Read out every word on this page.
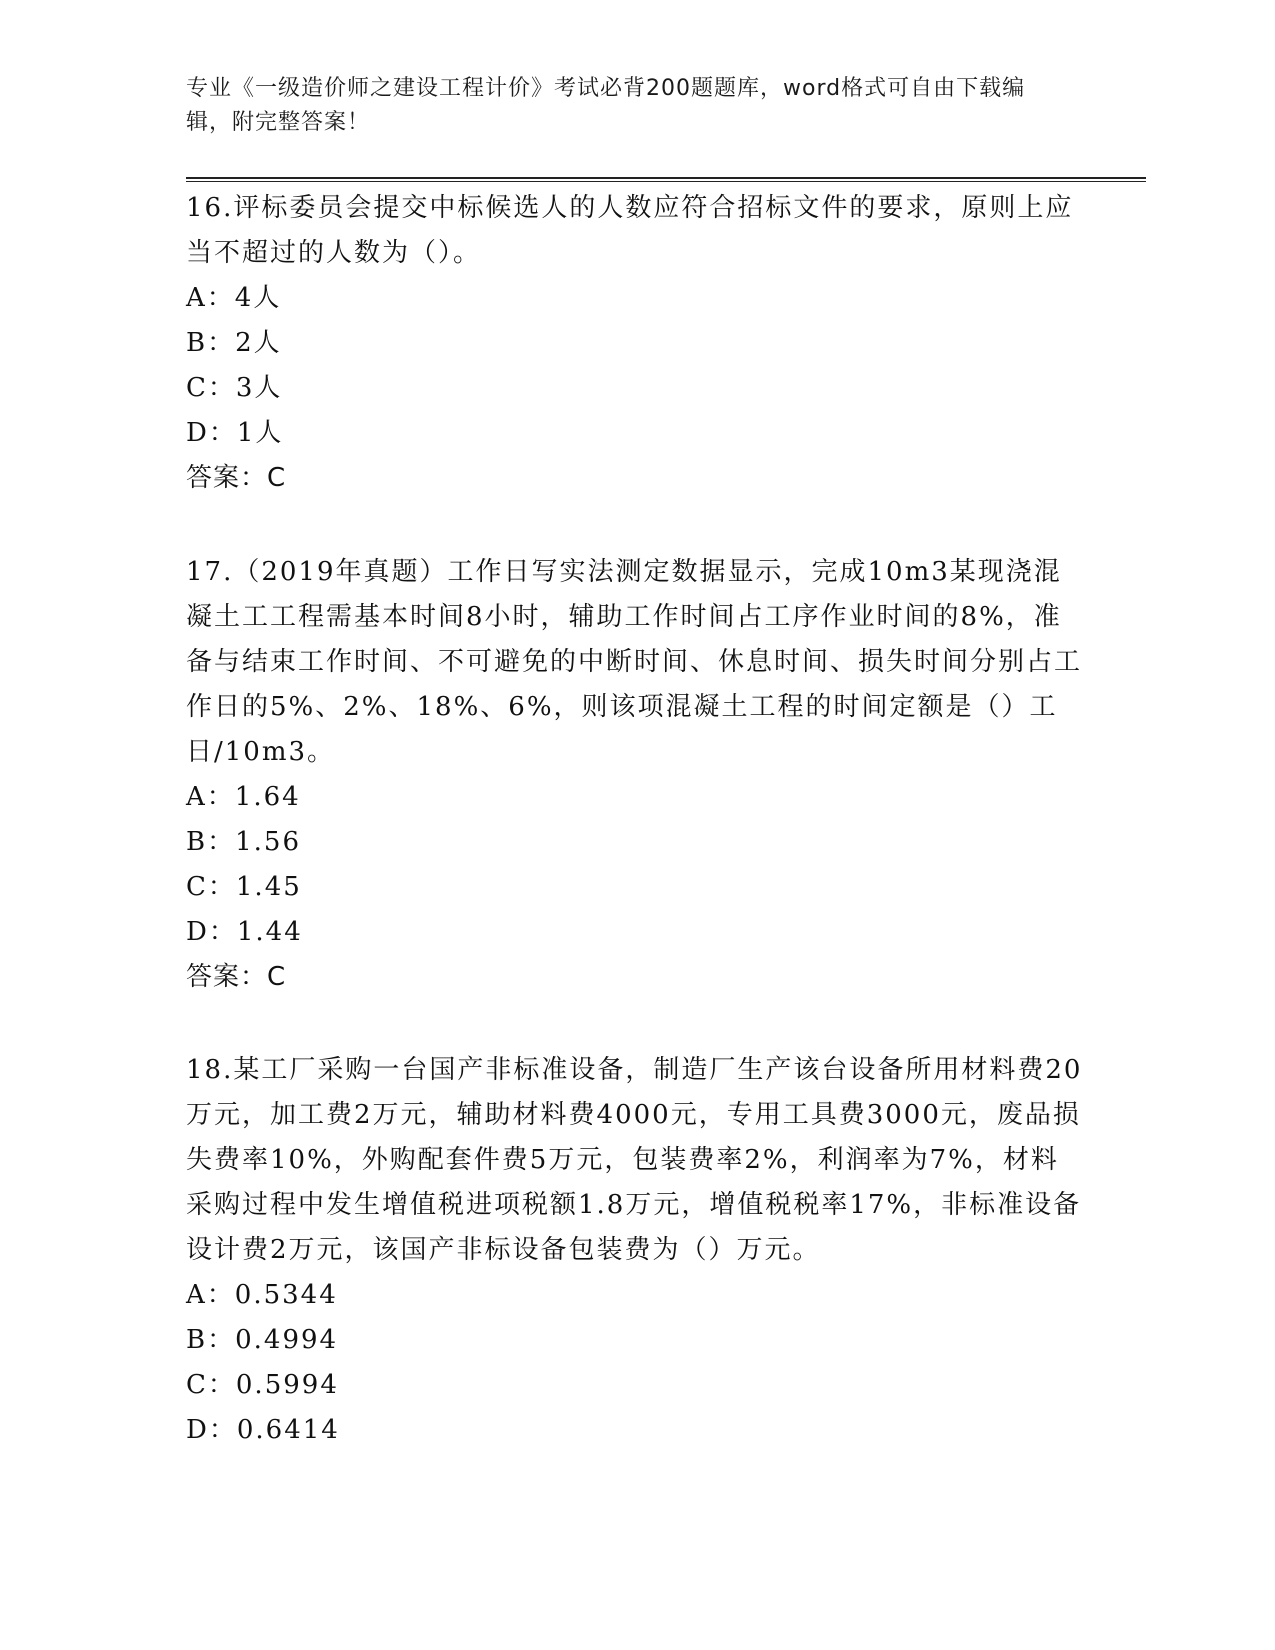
专业《一级造价师之建设工程计价》考试必背200题题库，word格式可自由下载编辑，附完整答案！

16.评标委员会提交中标候选人的人数应符合招标文件的要求，原则上应当不超过的人数为（）。

A：4人

B：2人

C：3人

D：1人

答案：C

17.（2019年真题）工作日写实法测定数据显示，完成10m3某现浇混凝土工工程需基本时间8小时，辅助工作时间占工序作业时间的8%，准备与结束工作时间、不可避免的中断时间、休息时间、损失时间分别占工作日的5%、2%、18%、6%，则该项混凝土工程的时间定额是（）工日/10m3。

A：1.64

B：1.56

C：1.45

D：1.44

答案：C

18.某工厂采购一台国产非标准设备，制造厂生产该台设备所用材料费20万元，加工费2万元，辅助材料费4000元，专用工具费3000元，废品损失费率10%，外购配套件费5万元，包装费率2%，利润率为7%，材料采购过程中发生增值税进项税额1.8万元，增值税税率17%，非标准设备设计费2万元，该国产非标设备包装费为（）万元。

A：0.5344

B：0.4994

C：0.5994

D：0.6414
